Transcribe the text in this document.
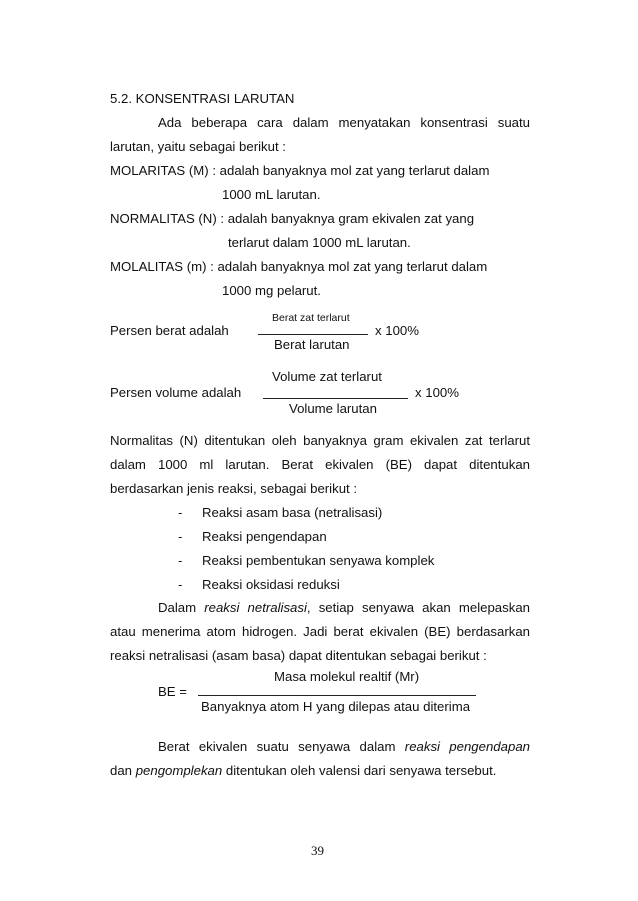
5.2. KONSENTRASI LARUTAN
Ada beberapa cara dalam menyatakan konsentrasi suatu
larutan, yaitu sebagai berikut :
MOLARITAS (M) : adalah banyaknya mol zat yang terlarut dalam
1000 mL larutan.
NORMALITAS (N) : adalah banyaknya gram ekivalen zat yang
terlarut dalam 1000 mL larutan.
MOLALITAS (m) : adalah banyaknya mol zat yang terlarut dalam
1000 mg pelarut.
Berat zat terlarut
Persen berat adalah	x 100%
Berat larutan
Volume zat terlarut
Persen volume adalah	x 100%
Volume larutan
Normalitas (N) ditentukan oleh banyaknya gram ekivalen zat terlarut
dalam 1000 ml larutan. Berat ekivalen (BE) dapat ditentukan
berdasarkan jenis reaksi, sebagai berikut :
- Reaksi asam basa (netralisasi)
- Reaksi pengendapan
- Reaksi pembentukan senyawa komplek
- Reaksi oksidasi reduksi
Dalam reaksi netralisasi, setiap senyawa akan melepaskan
atau menerima atom hidrogen. Jadi berat ekivalen (BE) berdasarkan
reaksi netralisasi (asam basa) dapat ditentukan sebagai berikut :
Masa molekul realtif (Mr)
BE =
Banyaknya atom H yang dilepas atau diterima
Berat ekivalen suatu senyawa dalam reaksi pengendapan
dan pengomplekan ditentukan oleh valensi dari senyawa tersebut.
39
